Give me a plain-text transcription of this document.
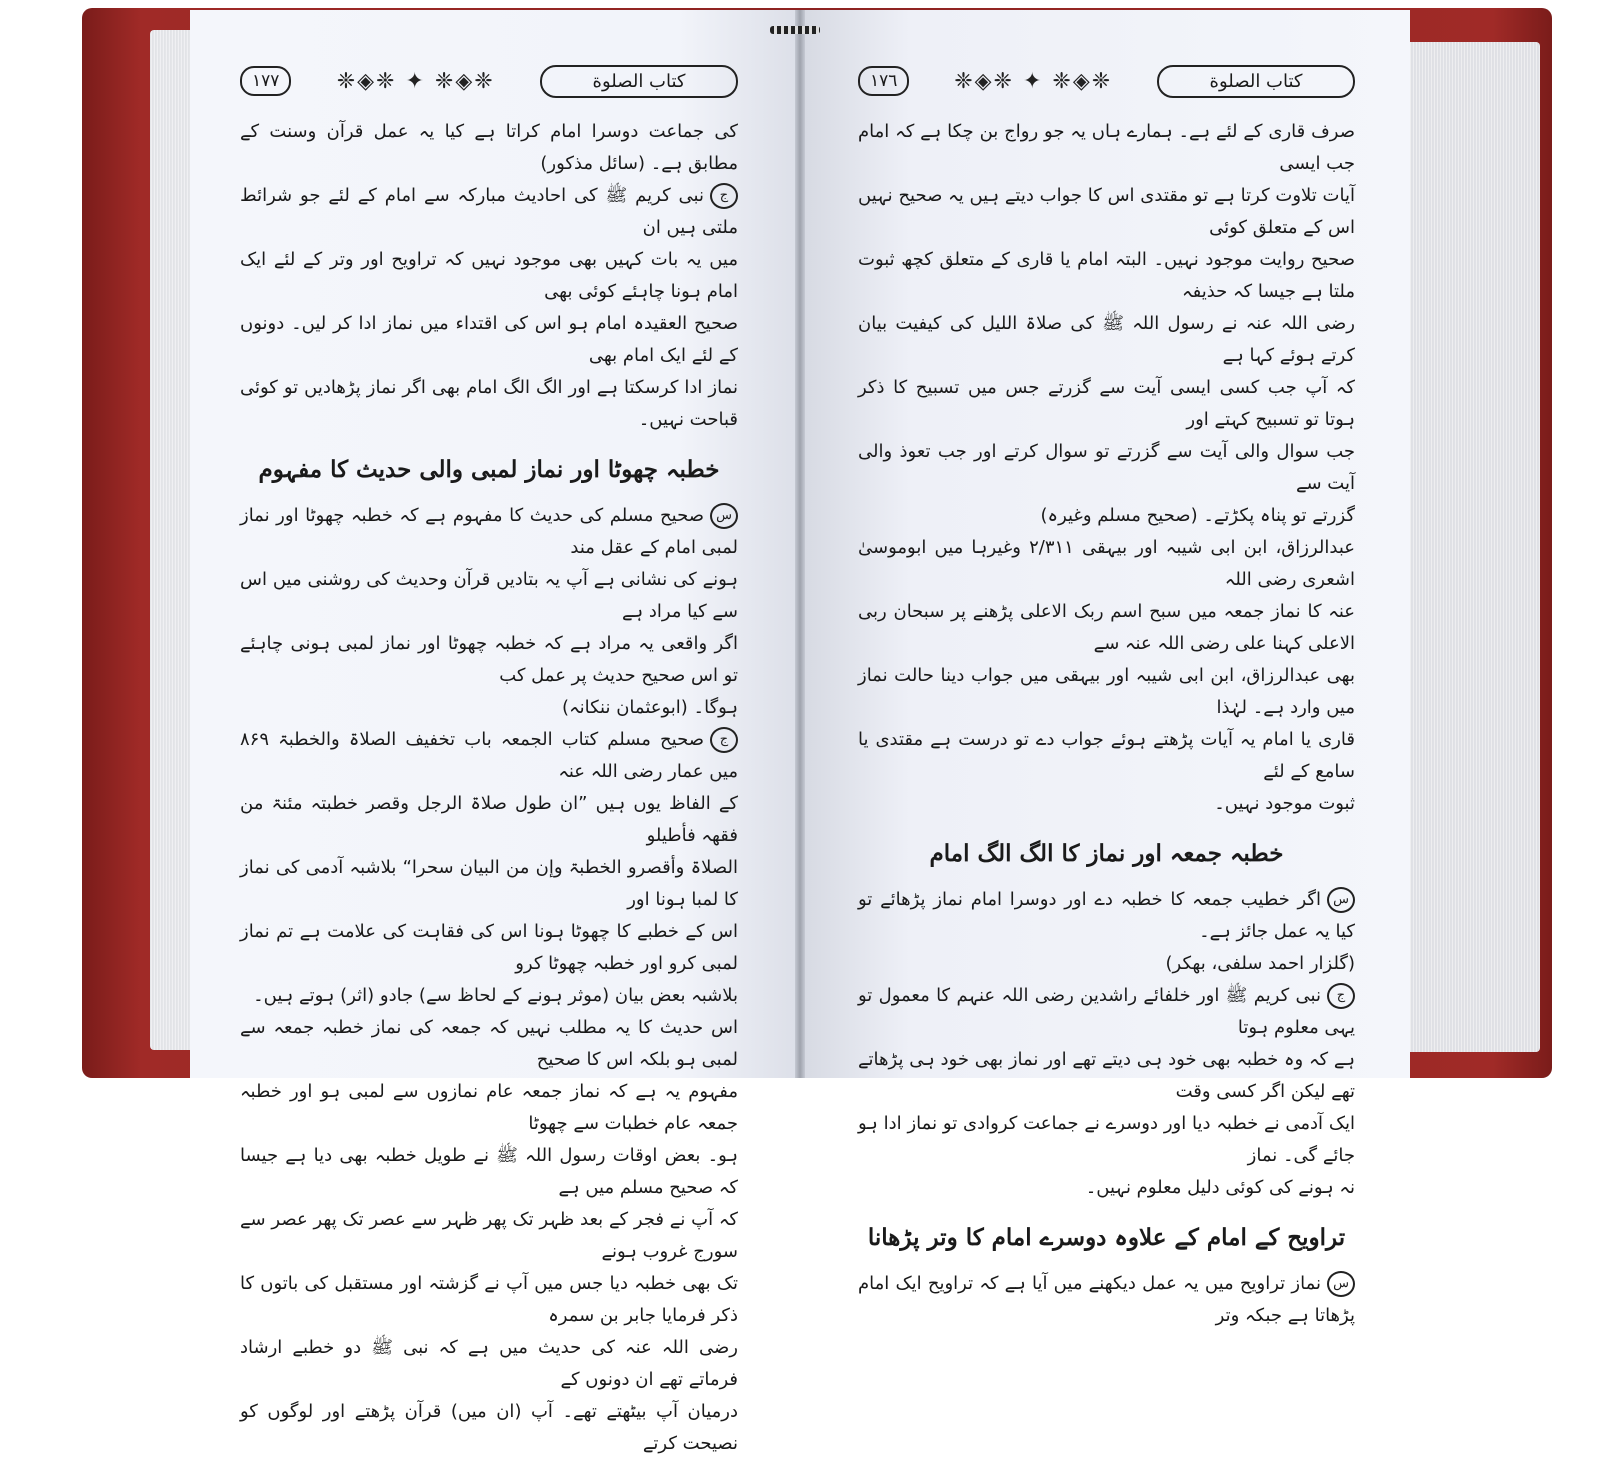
كتاب الصلوة
❈◈❈ ✦ ❈◈❈
١٧٧

کی جماعت دوسرا امام کراتا ہے کیا یہ عمل قرآن وسنت کے مطابق ہے۔ (سائل مذکور)

جنبی کریم ﷺ کی احادیث مبارکہ سے امام کے لئے جو شرائط ملتی ہیں ان

میں یہ بات کہیں بھی موجود نہیں کہ تراویح اور وتر کے لئے ایک امام ہونا چاہئے کوئی بھی

صحیح العقیدہ امام ہو اس کی اقتداء میں نماز ادا کر لیں۔ دونوں کے لئے ایک امام بھی

نماز ادا کرسکتا ہے اور الگ الگ امام بھی اگر نماز پڑھادیں تو کوئی قباحت نہیں۔

خطبہ چھوٹا اور نماز لمبی والی حدیث کا مفہوم

سصحیح مسلم کی حدیث کا مفہوم ہے کہ خطبہ چھوٹا اور نماز لمبی امام کے عقل مند

ہونے کی نشانی ہے آپ یہ بتادیں قرآن وحدیث کی روشنی میں اس سے کیا مراد ہے

اگر واقعی یہ مراد ہے کہ خطبہ چھوٹا اور نماز لمبی ہونی چاہئے تو اس صحیح حدیث پر عمل کب

ہوگا۔ (ابوعثمان ننکانہ)

جصحیح مسلم کتاب الجمعہ باب تخفیف الصلاۃ والخطبۃ ۸۶۹ میں عمار رضی اللہ عنہ

کے الفاظ یوں ہیں ”ان طول صلاۃ الرجل وقصر خطبتہ مئنۃ من فقھہ فأطیلو

الصلاۃ وأقصرو الخطبۃ وإن من البیان سحرا“ بلاشبہ آدمی کی نماز کا لمبا ہونا اور

اس کے خطبے کا چھوٹا ہونا اس کی فقاہت کی علامت ہے تم نماز لمبی کرو اور خطبہ چھوٹا کرو

بلاشبہ بعض بیان (موثر ہونے کے لحاظ سے) جادو (اثر) ہوتے ہیں۔

اس حدیث کا یہ مطلب نہیں کہ جمعہ کی نماز خطبہ جمعہ سے لمبی ہو بلکہ اس کا صحیح

مفہوم یہ ہے کہ نماز جمعہ عام نمازوں سے لمبی ہو اور خطبہ جمعہ عام خطبات سے چھوٹا

ہو۔ بعض اوقات رسول اللہ ﷺ نے طویل خطبہ بھی دیا ہے جیسا کہ صحیح مسلم میں ہے

کہ آپ نے فجر کے بعد ظہر تک پھر ظہر سے عصر تک پھر عصر سے سورج غروب ہونے

تک بھی خطبہ دیا جس میں آپ نے گزشتہ اور مستقبل کی باتوں کا ذکر فرمایا جابر بن سمرہ

رضی اللہ عنہ کی حدیث میں ہے کہ نبی ﷺ دو خطبے ارشاد فرماتے تھے ان دونوں کے

درمیان آپ بیٹھتے تھے۔ آپ (ان میں) قرآن پڑھتے اور لوگوں کو نصیحت کرتے

كتاب الصلوة
❈◈❈ ✦ ❈◈❈
١٧٦

صرف قاری کے لئے ہے۔ ہمارے ہاں یہ جو رواج بن چکا ہے کہ امام جب ایسی

آیات تلاوت کرتا ہے تو مقتدی اس کا جواب دیتے ہیں یہ صحیح نہیں اس کے متعلق کوئی

صحیح روایت موجود نہیں۔ البتہ امام یا قاری کے متعلق کچھ ثبوت ملتا ہے جیسا کہ حذیفہ

رضی اللہ عنہ نے رسول اللہ ﷺ کی صلاۃ اللیل کی کیفیت بیان کرتے ہوئے کہا ہے

کہ آپ جب کسی ایسی آیت سے گزرتے جس میں تسبیح کا ذکر ہوتا تو تسبیح کہتے اور

جب سوال والی آیت سے گزرتے تو سوال کرتے اور جب تعوذ والی آیت سے

گزرتے تو پناہ پکڑتے۔ (صحیح مسلم وغیرہ)

عبدالرزاق، ابن ابی شیبہ اور بیہقی ۲/۳۱۱ وغیرہا میں ابوموسیٰ اشعری رضی اللہ

عنہ کا نماز جمعہ میں سبح اسم ربک الاعلی پڑھنے پر سبحان ربی الاعلی کہنا علی رضی اللہ عنہ سے

بھی عبدالرزاق، ابن ابی شیبہ اور بیہقی میں جواب دینا حالت نماز میں وارد ہے۔ لہٰذا

قاری یا امام یہ آیات پڑھتے ہوئے جواب دے تو درست ہے مقتدی یا سامع کے لئے

ثبوت موجود نہیں۔

خطبہ جمعہ اور نماز کا الگ الگ امام

ساگر خطیب جمعہ کا خطبہ دے اور دوسرا امام نماز پڑھائے تو کیا یہ عمل جائز ہے۔

(گلزار احمد سلفی، بھکر)

جنبی کریم ﷺ اور خلفائے راشدین رضی اللہ عنہم کا معمول تو یہی معلوم ہوتا

ہے کہ وہ خطبہ بھی خود ہی دیتے تھے اور نماز بھی خود ہی پڑھاتے تھے لیکن اگر کسی وقت

ایک آدمی نے خطبہ دیا اور دوسرے نے جماعت کروادی تو نماز ادا ہو جائے گی۔ نماز

نہ ہونے کی کوئی دلیل معلوم نہیں۔

تراویح کے امام کے علاوہ دوسرے امام کا وتر پڑھانا

سنماز تراویح میں یہ عمل دیکھنے میں آیا ہے کہ تراویح ایک امام پڑھاتا ہے جبکہ وتر
